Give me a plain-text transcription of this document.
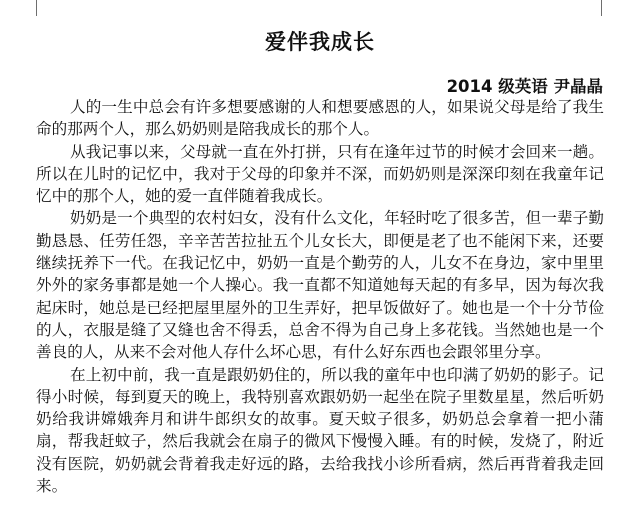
爱伴我成长
2014 级英语 尹晶晶

人的一生中总会有许多想要感谢的人和想要感恩的人，如果说父母是给了我生命的那两个人，那么奶奶则是陪我成长的那个人。

从我记事以来，父母就一直在外打拼，只有在逢年过节的时候才会回来一趟。所以在儿时的记忆中，我对于父母的印象并不深，而奶奶则是深深印刻在我童年记忆中的那个人，她的爱一直伴随着我成长。

奶奶是一个典型的农村妇女，没有什么文化，年轻时吃了很多苦，但一辈子勤勤恳恳、任劳任怨，辛辛苦苦拉扯五个儿女长大，即便是老了也不能闲下来，还要继续抚养下一代。在我记忆中，奶奶一直是个勤劳的人，儿女不在身边，家中里里外外的家务事都是她一个人操心。我一直都不知道她每天起的有多早，因为每次我起床时，她总是已经把屋里屋外的卫生弄好，把早饭做好了。她也是一个十分节俭的人，衣服是缝了又缝也舍不得丢，总舍不得为自己身上多花钱。当然她也是一个善良的人，从来不会对他人存什么坏心思，有什么好东西也会跟邻里分享。

在上初中前，我一直是跟奶奶住的，所以我的童年中也印满了奶奶的影子。记得小时候，每到夏天的晚上，我特别喜欢跟奶奶一起坐在院子里数星星，然后听奶奶给我讲嫦娥奔月和讲牛郎织女的故事。夏天蚊子很多，奶奶总会拿着一把小蒲扇，帮我赶蚊子，然后我就会在扇子的微风下慢慢入睡。有的时候，发烧了，附近没有医院，奶奶就会背着我走好远的路，去给我找小诊所看病，然后再背着我走回来。
